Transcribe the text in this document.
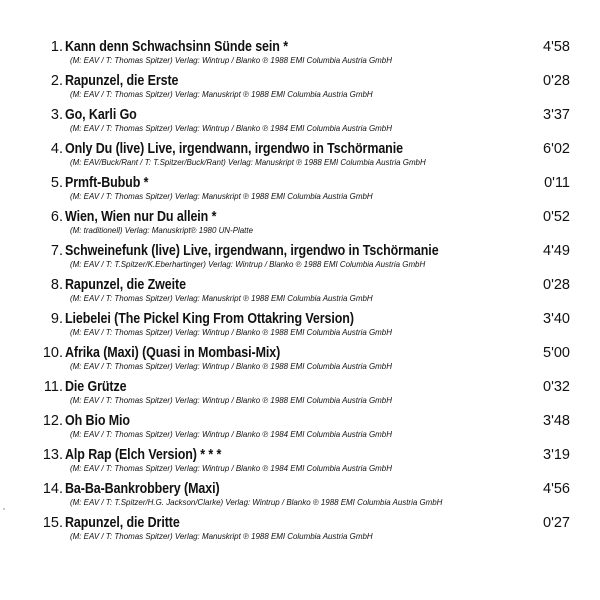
1. Kann denn Schwachsinn Sünde sein *
(M: EAV / T: Thomas Spitzer) Verlag: Wintrup / Blanko ℗ 1988 EMI Columbia Austria GmbH
4'58
2. Rapunzel, die Erste
(M: EAV / T: Thomas Spitzer) Verlag: Manuskript ℗ 1988 EMI Columbia Austria GmbH
0'28
3. Go, Karli Go
(M: EAV / T: Thomas Spitzer) Verlag: Wintrup / Blanko ℗ 1984 EMI Columbia Austria GmbH
3'37
4. Only Du (live) Live, irgendwann, irgendwo in Tschörmanie
(M: EAV/Buck/Rant / T: T.Spitzer/Buck/Rant) Verlag: Manuskript ℗ 1988 EMI Columbia Austria GmbH
6'02
5. Prmft-Bubub *
(M: EAV / T: Thomas Spitzer) Verlag: Manuskript ℗ 1988 EMI Columbia Austria GmbH
0'11
6. Wien, Wien nur Du allein *
(M: traditionell) Verlag: Manuskript℗ 1980 UN-Platte
0'52
7. Schweinefunk (live) Live, irgendwann, irgendwo in Tschörmanie
(M: EAV / T: T.Spitzer/K.Eberhartinger) Verlag: Wintrup / Blanko ℗ 1988 EMI Columbia Austria GmbH
4'49
8. Rapunzel, die Zweite
(M: EAV / T: Thomas Spitzer) Verlag: Manuskript ℗ 1988 EMI Columbia Austria GmbH
0'28
9. Liebelei (The Pickel King From Ottakring Version)
(M: EAV / T: Thomas Spitzer) Verlag: Wintrup / Blanko ℗ 1988 EMI Columbia Austria GmbH
3'40
10. Afrika (Maxi) (Quasi in Mombasi-Mix)
(M: EAV / T: Thomas Spitzer) Verlag: Wintrup / Blanko ℗ 1988 EMI Columbia Austria GmbH
5'00
11. Die Grütze
(M: EAV / T: Thomas Spitzer) Verlag: Wintrup / Blanko ℗ 1988 EMI Columbia Austria GmbH
0'32
12. Oh Bio Mio
(M: EAV / T: Thomas Spitzer) Verlag: Wintrup / Blanko ℗ 1984 EMI Columbia Austria GmbH
3'48
13. Alp Rap (Elch Version) * * *
(M: EAV / T: Thomas Spitzer) Verlag: Wintrup / Blanko ℗ 1984 EMI Columbia Austria GmbH
3'19
14. Ba-Ba-Bankrobbery (Maxi)
(M: EAV / T: T.Spitzer/H.G. Jackson/Clarke) Verlag: Wintrup / Blanko ℗ 1988 EMI Columbia Austria GmbH
4'56
15. Rapunzel, die Dritte
(M: EAV / T: Thomas Spitzer) Verlag: Manuskript ℗ 1988 EMI Columbia Austria GmbH
0'27
